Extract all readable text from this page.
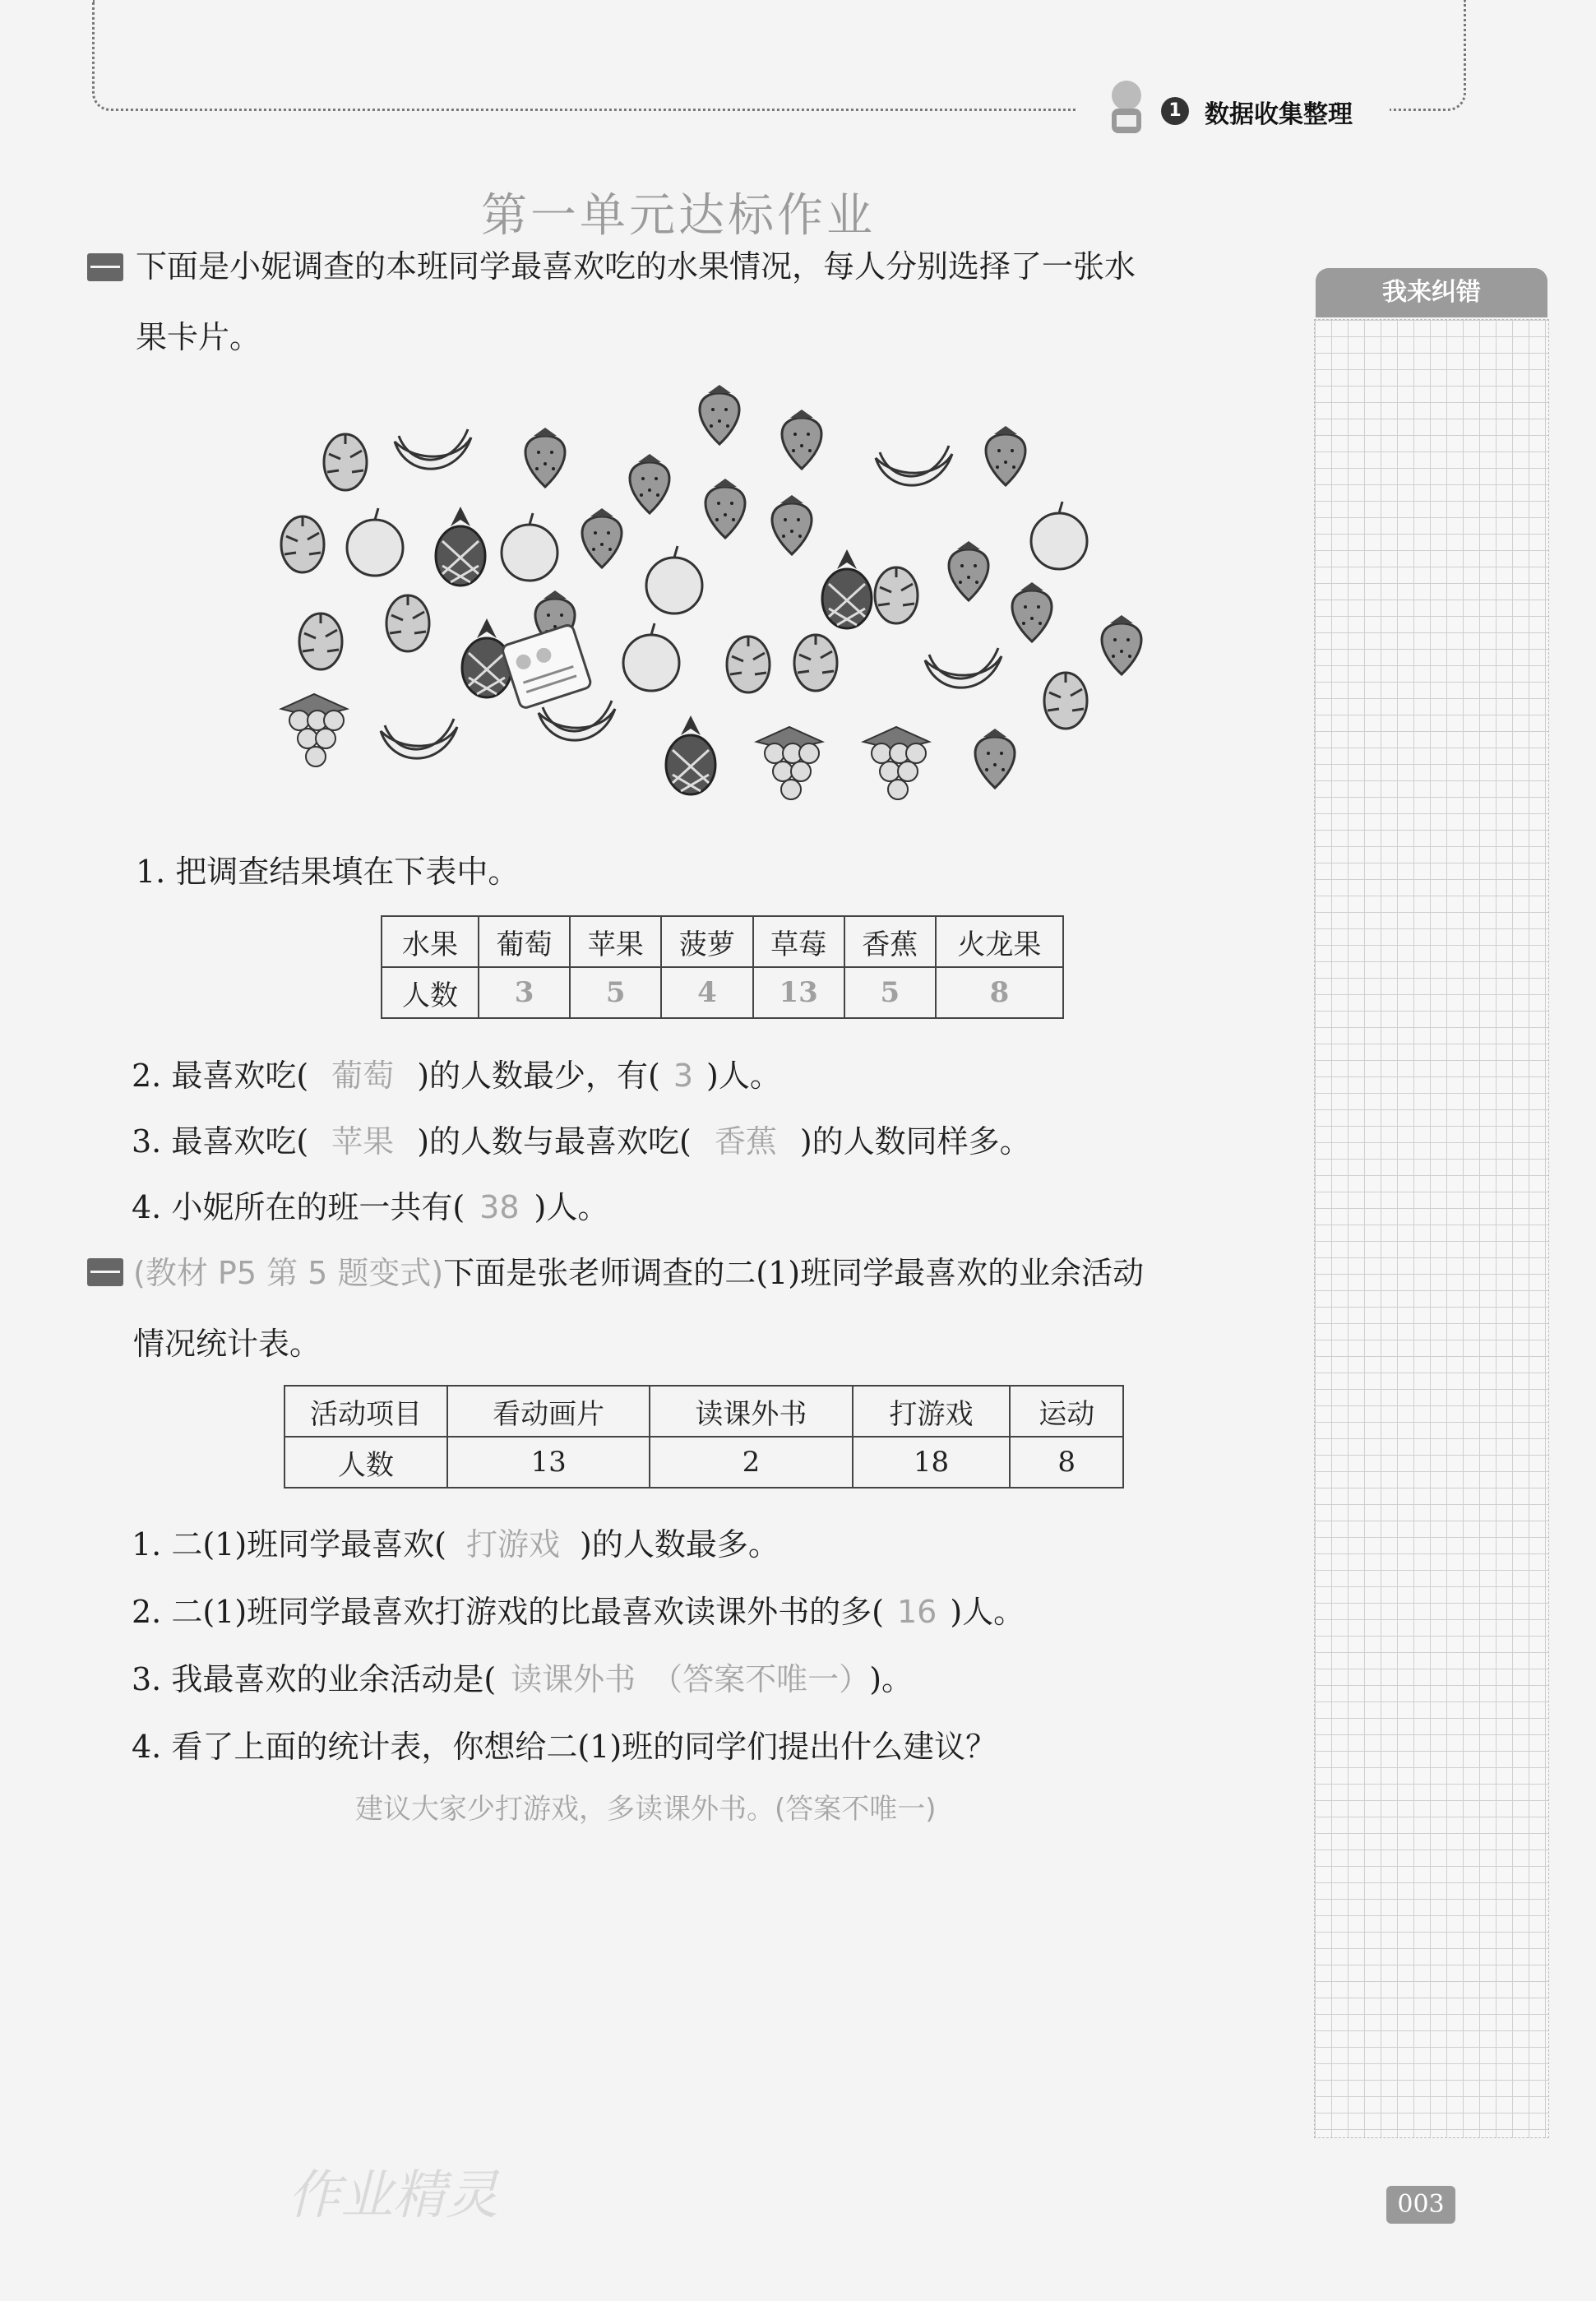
1 数据收集整理
第一单元达标作业
我来纠错
下面是小妮调查的本班同学最喜欢吃的水果情况，每人分别选择了一张水
果卡片。
1. 把调查结果填在下表中。
水果	葡萄	苹果	菠萝	草莓	香蕉	火龙果
人数	3	5	4	13	5	8
2. 最喜欢吃( 葡萄 )的人数最少，有( 3 )人。
3. 最喜欢吃( 苹果 )的人数与最喜欢吃( 香蕉 )的人数同样多。
4. 小妮所在的班一共有( 38 )人。
(教材 P5 第 5 题变式)下面是张老师调查的二(1)班同学最喜欢的业余活动
情况统计表。
活动项目	看动画片	读课外书	打游戏	运动
人数	13	2	18	8
1. 二(1)班同学最喜欢( 打游戏 )的人数最多。
2. 二(1)班同学最喜欢打游戏的比最喜欢读课外书的多( 16 )人。
3. 我最喜欢的业余活动是( 读课外书　（答案不唯一） )。
4. 看了上面的统计表，你想给二(1)班的同学们提出什么建议？
建议大家少打游戏，多读课外书。(答案不唯一)
作业精灵	003
